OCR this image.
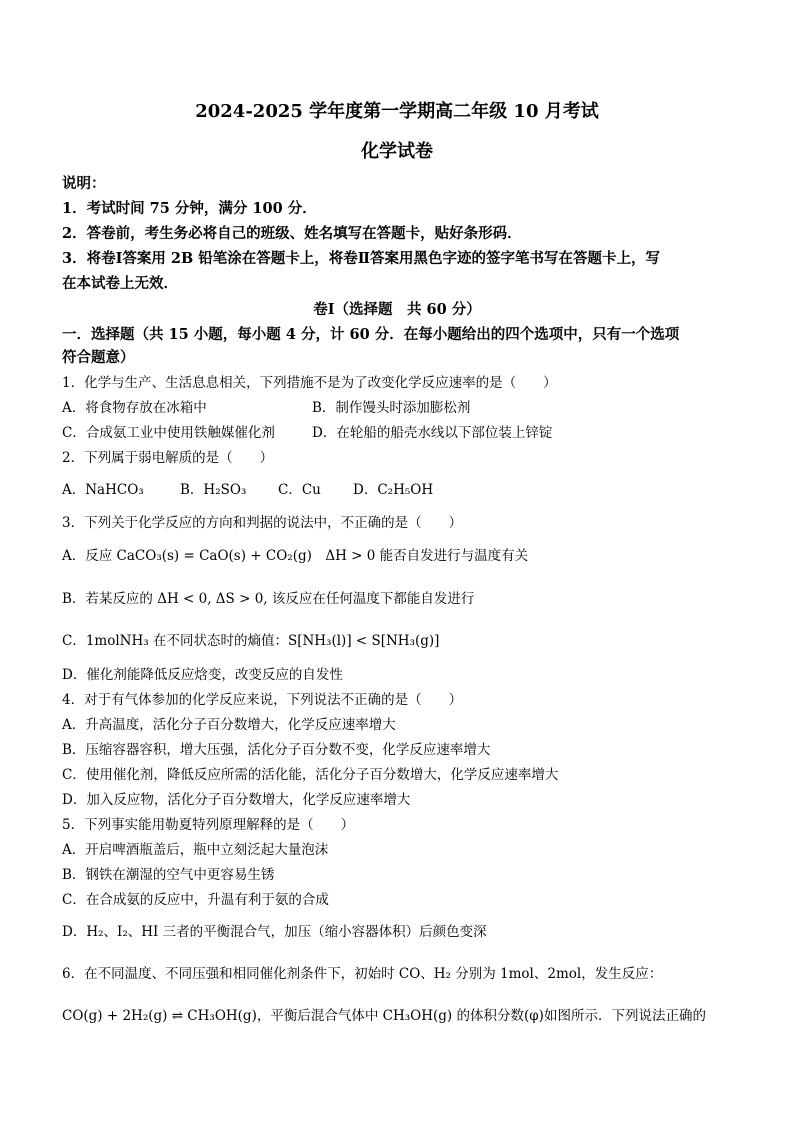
2024-2025 学年度第一学期高二年级 10 月考试
化学试卷
说明：
1．考试时间 75 分钟，满分 100 分．
2．答卷前，考生务必将自己的班级、姓名填写在答题卡，贴好条形码．
3．将卷Ⅰ答案用 2B 铅笔涂在答题卡上，将卷Ⅱ答案用黑色字迹的签字笔书写在答题卡上，写
在本试卷上无效．
卷Ⅰ（选择题　共 60 分）
一．选择题（共 15 小题，每小题 4 分，计 60 分．在每小题给出的四个选项中，只有一个选项
符合题意）
1．化学与生产、生活息息相关，下列措施不是为了改变化学反应速率的是（　　）
A．将食物存放在冰箱中	B．制作馒头时添加膨松剂
C．合成氨工业中使用铁触媒催化剂	D．在轮船的船壳水线以下部位装上锌锭
2．下列属于弱电解质的是（　　）
A．NaHCO₃	B．H₂SO₃ C．Cu D．C₂H₅OH
3．下列关于化学反应的方向和判据的说法中，不正确的是（　　）
A．反应 CaCO₃(s) = CaO(s) + CO₂(g)　ΔH > 0 能否自发进行与温度有关
B．若某反应的 ΔH < 0, ΔS > 0, 该反应在任何温度下都能自发进行
C．1molNH₃ 在不同状态时的熵值：S[NH₃(l)] < S[NH₃(g)]
D．催化剂能降低反应焓变，改变反应的自发性
4．对于有气体参加的化学反应来说，下列说法不正确的是（　　）
A．升高温度，活化分子百分数增大，化学反应速率增大
B．压缩容器容积，增大压强，活化分子百分数不变，化学反应速率增大
C．使用催化剂，降低反应所需的活化能，活化分子百分数增大，化学反应速率增大
D．加入反应物，活化分子百分数增大，化学反应速率增大
5．下列事实能用勒夏特列原理解释的是（　　）
A．开启啤酒瓶盖后，瓶中立刻泛起大量泡沫
B．钢铁在潮湿的空气中更容易生锈
C．在合成氨的反应中，升温有利于氨的合成
D．H₂、I₂、HI 三者的平衡混合气，加压（缩小容器体积）后颜色变深
6．在不同温度、不同压强和相同催化剂条件下，初始时 CO、H₂ 分别为 1mol、2mol，发生反应：
CO(g) + 2H₂(g) ⇌ CH₃OH(g)，平衡后混合气体中 CH₃OH(g) 的体积分数(φ)如图所示．下列说法正确的
